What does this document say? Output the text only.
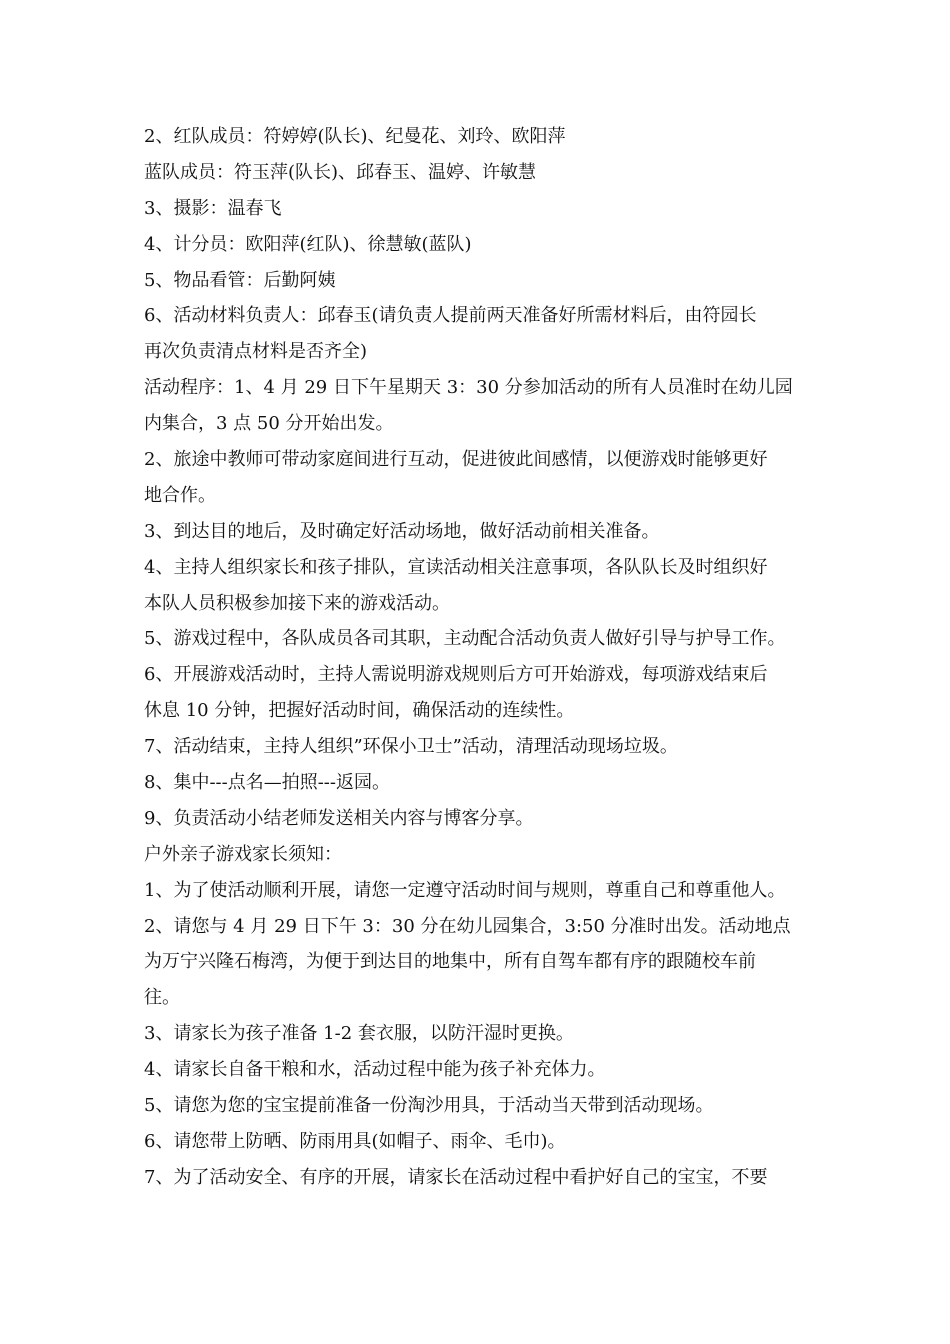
2、红队成员：符婷婷(队长)、纪曼花、刘玲、欧阳萍
蓝队成员：符玉萍(队长)、邱春玉、温婷、许敏慧
3、摄影：温春飞
4、计分员：欧阳萍(红队)、徐慧敏(蓝队)
5、物品看管：后勤阿姨
6、活动材料负责人：邱春玉(请负责人提前两天准备好所需材料后，由符园长
再次负责清点材料是否齐全)
活动程序：1、4 月 29 日下午星期天 3：30 分参加活动的所有人员准时在幼儿园
内集合，3 点 50 分开始出发。
2、旅途中教师可带动家庭间进行互动，促进彼此间感情，以便游戏时能够更好
地合作。
3、到达目的地后，及时确定好活动场地，做好活动前相关准备。
4、主持人组织家长和孩子排队，宣读活动相关注意事项，各队队长及时组织好
本队人员积极参加接下来的游戏活动。
5、游戏过程中，各队成员各司其职，主动配合活动负责人做好引导与护导工作。
6、开展游戏活动时，主持人需说明游戏规则后方可开始游戏，每项游戏结束后
休息 10 分钟，把握好活动时间，确保活动的连续性。
7、活动结束，主持人组织”环保小卫士”活动，清理活动现场垃圾。
8、集中---点名—拍照---返园。
9、负责活动小结老师发送相关内容与博客分享。
户外亲子游戏家长须知：
1、为了使活动顺利开展，请您一定遵守活动时间与规则，尊重自己和尊重他人。
2、请您与 4 月 29 日下午 3：30 分在幼儿园集合，3:50 分准时出发。活动地点
为万宁兴隆石梅湾，为便于到达目的地集中，所有自驾车都有序的跟随校车前
往。
3、请家长为孩子准备 1-2 套衣服，以防汗湿时更换。
4、请家长自备干粮和水，活动过程中能为孩子补充体力。
5、请您为您的宝宝提前准备一份淘沙用具，于活动当天带到活动现场。
6、请您带上防晒、防雨用具(如帽子、雨伞、毛巾)。
7、为了活动安全、有序的开展，请家长在活动过程中看护好自己的宝宝，不要
